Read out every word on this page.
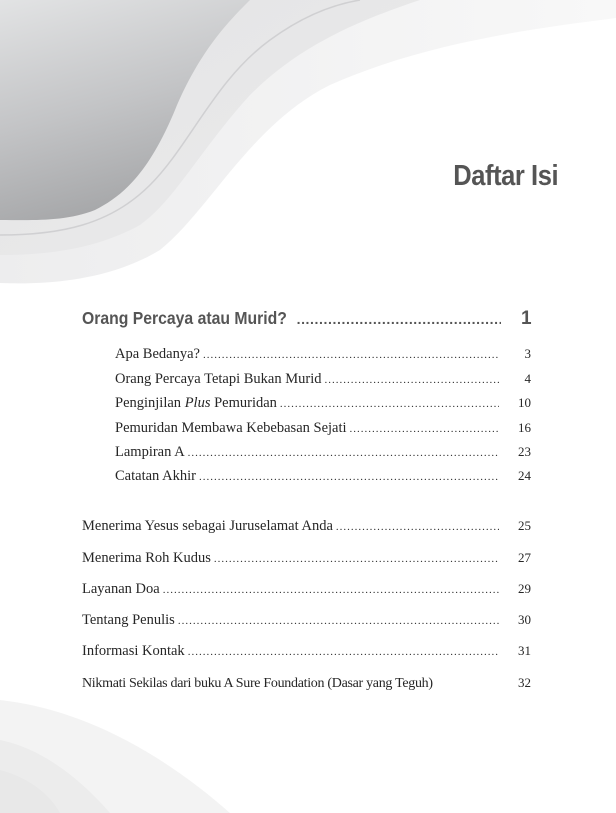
Daftar Isi
Orang Percaya atau Murid? .....	1
Apa Bedanya? .....	3
Orang Percaya Tetapi Bukan Murid .....	4
Penginjilan Plus Pemuridan .....	10
Pemuridan Membawa Kebebasan Sejati .....	16
Lampiran A .....	23
Catatan Akhir .....	24
Menerima Yesus sebagai Juruselamat Anda .....	25
Menerima Roh Kudus .....	27
Layanan Doa .....	29
Tentang Penulis .....	30
Informasi Kontak .....	31
Nikmati Sekilas dari buku A Sure Foundation (Dasar yang Teguh)	32
